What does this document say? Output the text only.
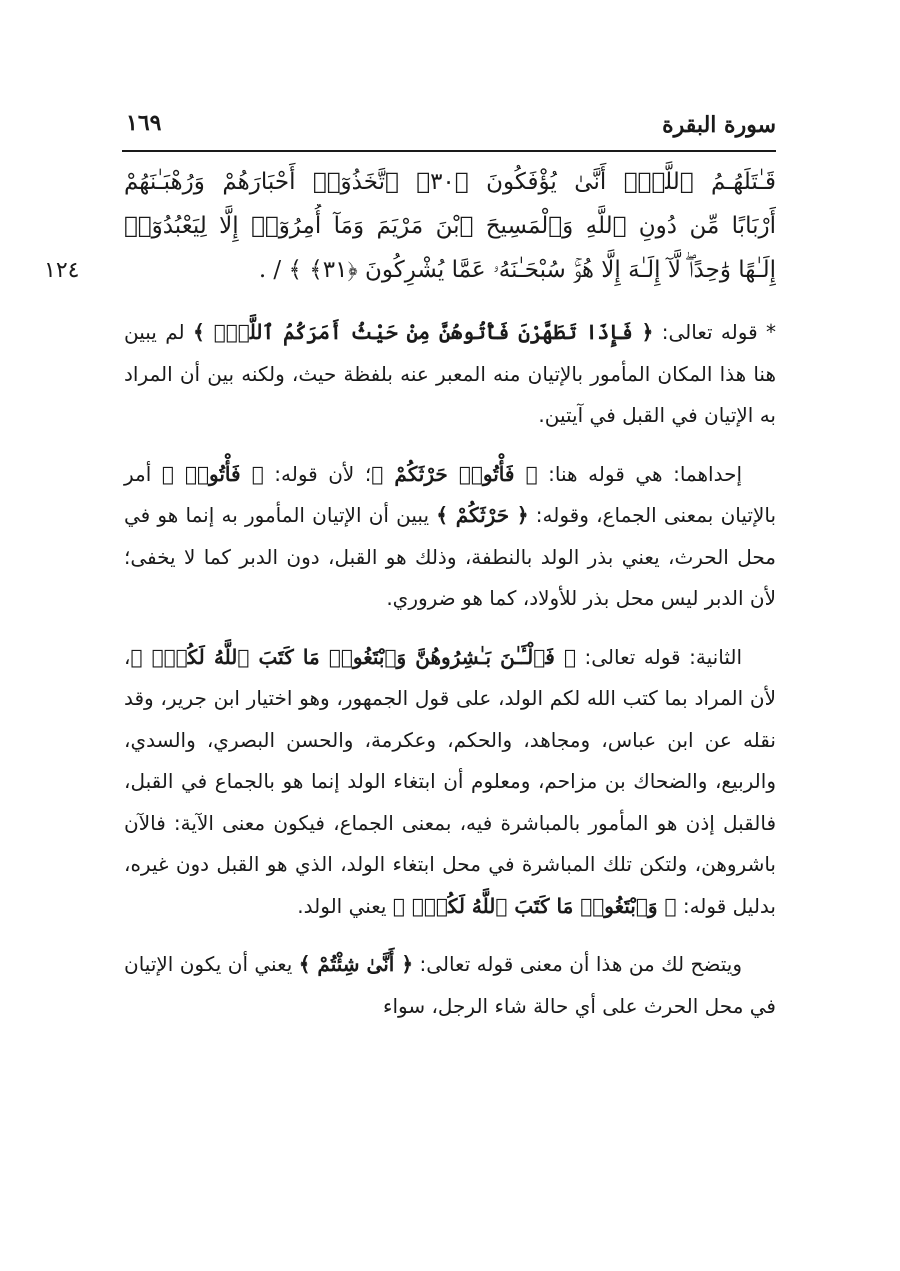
سورة البقرة
١٦٩
١٢٤
قَـٰتَلَهُـمُ ٱللَّهُۚ أَنَّىٰ يُؤْفَكُونَ ﴿٣٠﴾ ٱتَّخَذُوٓا۟ أَحْبَارَهُمْ وَرُهْبَـٰنَهُمْ
أَرْبَابًا مِّن دُونِ ٱللَّهِ وَٱلْمَسِيحَ ٱبْنَ مَرْيَمَ وَمَآ أُمِرُوٓا۟ إِلَّا لِيَعْبُدُوٓا۟
إِلَـٰهًا وَٰحِدًاۖ لَّآ إِلَـٰهَ إِلَّا هُوَۚ سُبْحَـٰنَهُۥ عَمَّا يُشْرِكُونَ ﴿٣١﴾ ﴾ / .

* قوله تعالى: ﴿ فَإِذَا تَطَهَّرْنَ فَأْتُوهُنَّ مِنْ حَيْثُ أَمَرَكُمُ ٱللَّهُۚ ﴾ لم يبين هنا هذا المكان المأمور بالإتيان منه المعبر عنه بلفظة حيث، ولكنه بين أن المراد به الإتيان في القبل في آيتين.

إحداهما: هي قوله هنا: ﴿ فَأْتُوا۟ حَرْثَكُمْ ﴾؛ لأن قوله: ﴿ فَأْتُوا۟ ﴾ أمر بالإتيان بمعنى الجماع، وقوله: ﴿ حَرْثَكُمْ ﴾ يبين أن الإتيان المأمور به إنما هو في محل الحرث، يعني بذر الولد بالنطفة، وذلك هو القبل، دون الدبر كما لا يخفى؛ لأن الدبر ليس محل بذر للأولاد، كما هو ضروري.

الثانية: قوله تعالى: ﴿ فَٱلْـَٔـٰنَ بَـٰشِرُوهُنَّ وَٱبْتَغُوا۟ مَا كَتَبَ ٱللَّهُ لَكُمْۚ ﴾، لأن المراد بما كتب الله لكم الولد، على قول الجمهور، وهو اختيار ابن جرير، وقد نقله عن ابن عباس، ومجاهد، والحكم، وعكرمة، والحسن البصري، والسدي، والربيع، والضحاك بن مزاحم، ومعلوم أن ابتغاء الولد إنما هو بالجماع في القبل، فالقبل إذن هو المأمور بالمباشرة فيه، بمعنى الجماع، فيكون معنى الآية: فالآن باشروهن، ولتكن تلك المباشرة في محل ابتغاء الولد، الذي هو القبل دون غيره، بدليل قوله: ﴿ وَٱبْتَغُوا۟ مَا كَتَبَ ٱللَّهُ لَكُمْۚ ﴾ يعني الولد.

ويتضح لك من هذا أن معنى قوله تعالى: ﴿ أَنَّىٰ شِئْتُمْ ﴾ يعني أن يكون الإتيان في محل الحرث على أي حالة شاء الرجل، سواء
